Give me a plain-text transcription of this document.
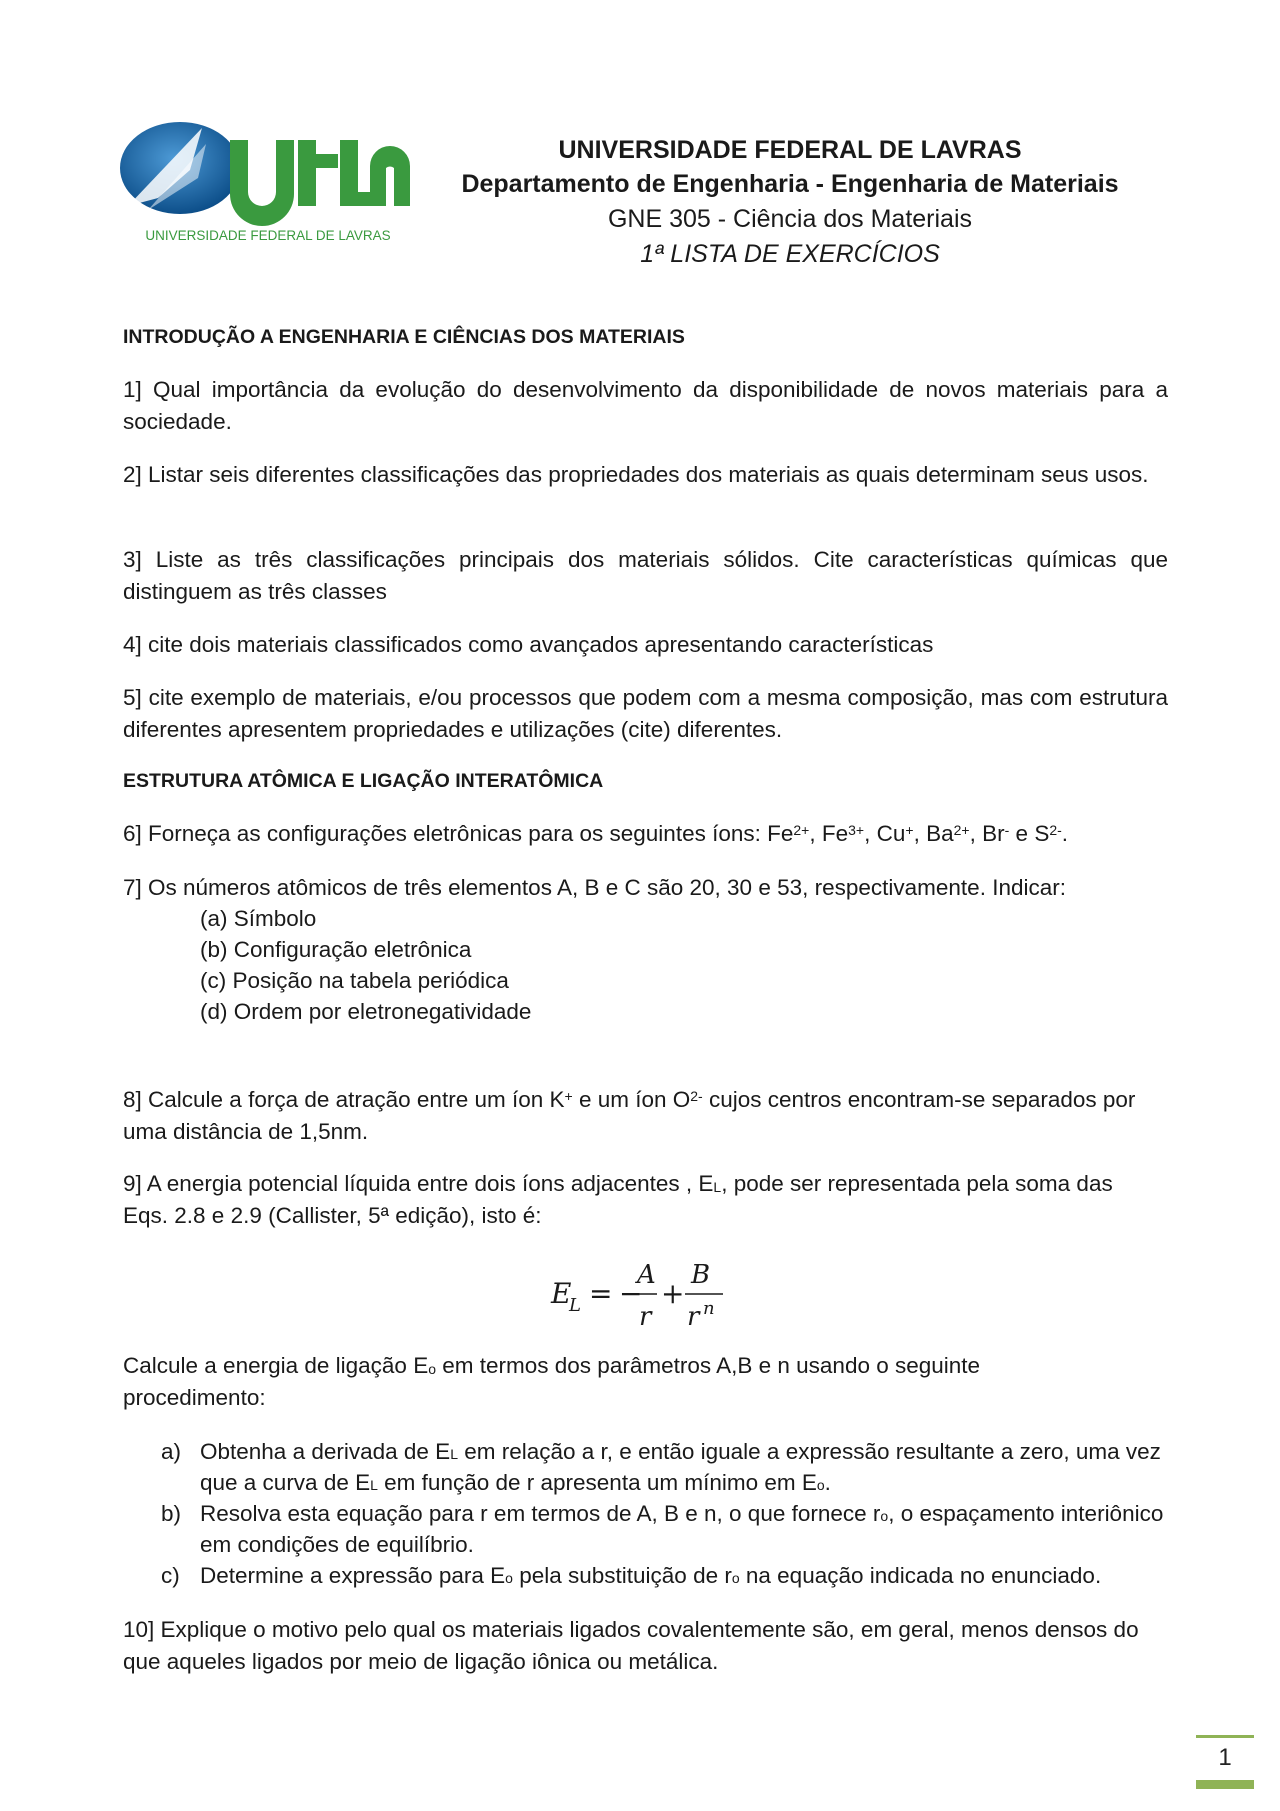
UNIVERSIDADE FEDERAL DE LAVRAS
UNIVERSIDADE FEDERAL DE LAVRAS
Departamento de Engenharia - Engenharia de Materiais
GNE 305 - Ciência dos Materiais
1ª LISTA DE EXERCÍCIOS
INTRODUÇÃO A ENGENHARIA E CIÊNCIAS DOS MATERIAIS
1] Qual importância da evolução do desenvolvimento da disponibilidade de novos materiais para a sociedade.
2] Listar seis diferentes classificações das propriedades dos materiais as quais determinam seus usos.
3] Liste as três classificações principais dos materiais sólidos. Cite características químicas que distinguem as três classes
4] cite dois materiais classificados como avançados apresentando características
5] cite exemplo de materiais, e/ou processos que podem com a mesma composição, mas com estrutura diferentes apresentem propriedades e utilizações (cite) diferentes.
ESTRUTURA ATÔMICA E LIGAÇÃO INTERATÔMICA
6] Forneça as configurações eletrônicas para os seguintes íons: $Fe^{2+}$, $Fe^{3+}$, Cu+, $Ba^{2+}$, Br- e $S^{2-}$.
7] Os números atômicos de três elementos A, B e C são 20, 30 e 53, respectivamente. Indicar:
(a) Símbolo
(b) Configuração eletrônica
(c) Posição na tabela periódica
(d) Ordem por eletronegatividade
8] Calcule a força de atração entre um íon K+ e um íon $O^{2-}$ cujos centros encontram-se separados por uma distância de 1,5nm.
9] A energia potencial líquida entre dois íons adjacentes , $E_L$, pode ser representada pela soma das Eqs. 2.8 e 2.9 (Callister, 5ª edição), isto é:
E
L = −
A
r
+
B
r n
Calcule a energia de ligação $E_o$ em termos dos parâmetros A,B e n usando o seguinte procedimento:
a) Obtenha a derivada de $E_L$ em relação a r, e então iguale a expressão resultante a zero, uma vez que a curva de $E_L$ em função de r apresenta um mínimo em $E_o$.
b) Resolva esta equação para r em termos de A, B e n, o que fornece $r_o$, o espaçamento interiônico em condições de equilíbrio.
c) Determine a expressão para $E_o$ pela substituição de $r_o$ na equação indicada no enunciado.
10] Explique o motivo pelo qual os materiais ligados covalentemente são, em geral, menos densos do que aqueles ligados por meio de ligação iônica ou metálica.
1
